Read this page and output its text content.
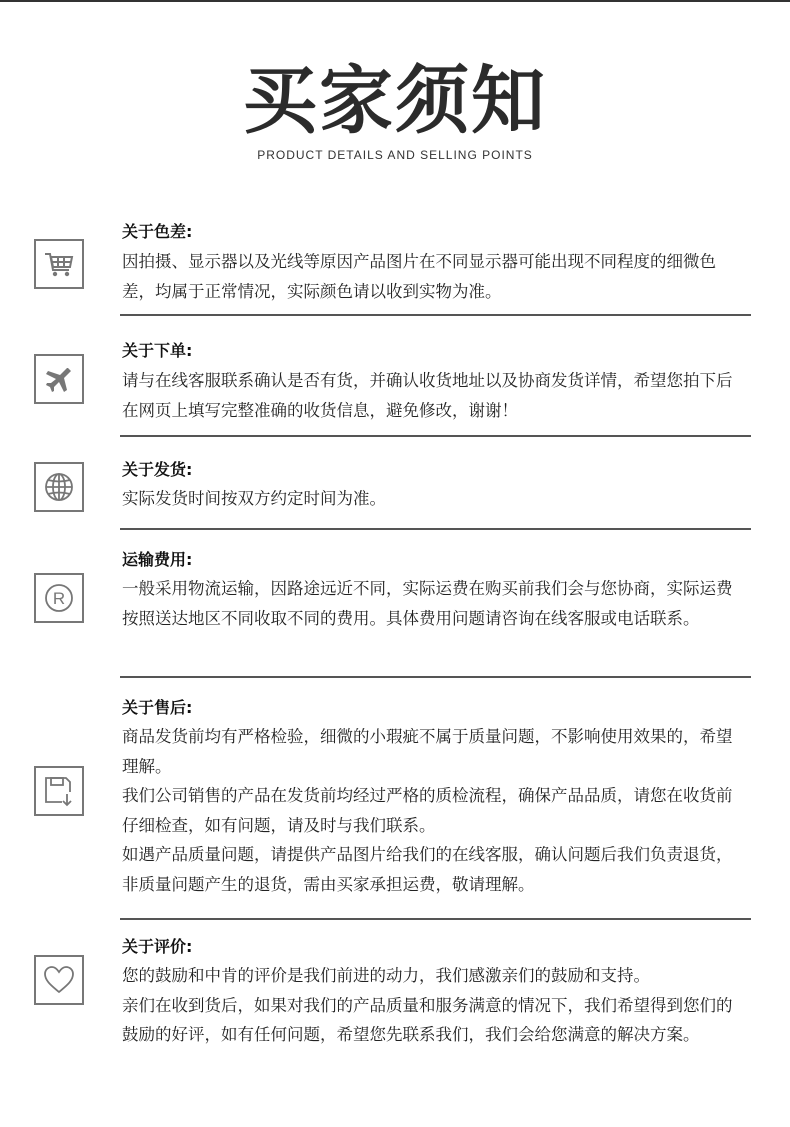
买家须知
PRODUCT DETAILS AND SELLING POINTS
关于色差:

因拍摄、显示器以及光线等原因产品图片在不同显示器可能出现不同程度的细微色差，均属于正常情况，实际颜色请以收到实物为准。

关于下单:

请与在线客服联系确认是否有货，并确认收货地址以及协商发货详情，希望您拍下后在网页上填写完整准确的收货信息，避免修改，谢谢！

关于发货:

实际发货时间按双方约定时间为准。

R
运输费用:

一般采用物流运输，因路途远近不同，实际运费在购买前我们会与您协商，实际运费按照送达地区不同收取不同的费用。具体费用问题请咨询在线客服或电话联系。

关于售后:

商品发货前均有严格检验，细微的小瑕疵不属于质量问题，不影响使用效果的，希望理解。

我们公司销售的产品在发货前均经过严格的质检流程，确保产品品质，请您在收货前仔细检查，如有问题，请及时与我们联系。

如遇产品质量问题，请提供产品图片给我们的在线客服，确认问题后我们负责退货，非质量问题产生的退货，需由买家承担运费，敬请理解。

关于评价:

您的鼓励和中肯的评价是我们前进的动力，我们感激亲们的鼓励和支持。

亲们在收到货后，如果对我们的产品质量和服务满意的情况下，我们希望得到您们的鼓励的好评，如有任何问题，希望您先联系我们，我们会给您满意的解决方案。
